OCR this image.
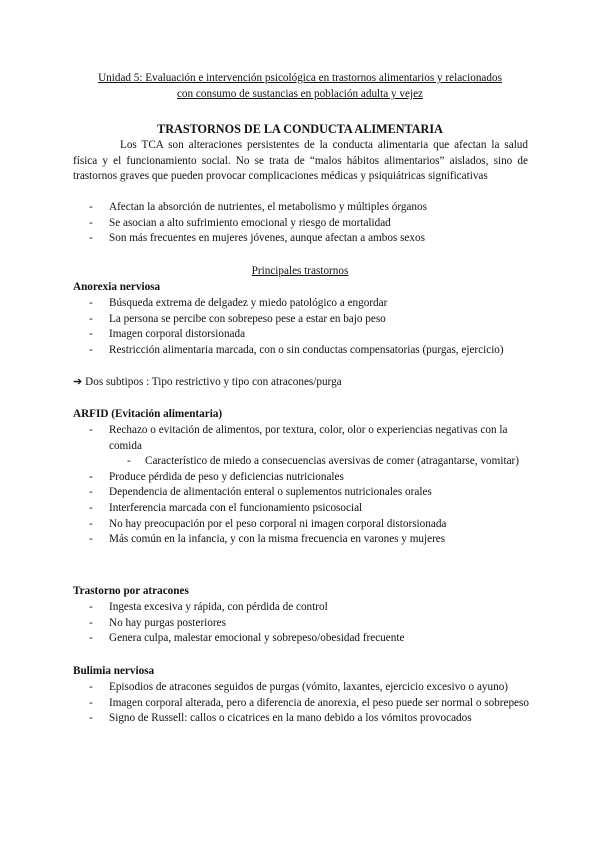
Unidad 5: Evaluación e intervención psicológica en trastornos alimentarios y relacionados
con consumo de sustancias en población adulta y vejez
TRASTORNOS DE LA CONDUCTA ALIMENTARIA
Los TCA son alteraciones persistentes de la conducta alimentaria que afectan la salud física y el funcionamiento social. No se trata de “malos hábitos alimentarios” aislados, sino de trastornos graves que pueden provocar complicaciones médicas y psiquiátricas significativas
- Afectan la absorción de nutrientes, el metabolismo y múltiples órganos
- Se asocian a alto sufrimiento emocional y riesgo de mortalidad
- Son más frecuentes en mujeres jóvenes, aunque afectan a ambos sexos
Principales trastornos
Anorexia nerviosa
- Búsqueda extrema de delgadez y miedo patológico a engordar
- La persona se percibe con sobrepeso pese a estar en bajo peso
- Imagen corporal distorsionada
- Restricción alimentaria marcada, con o sin conductas compensatorias (purgas, ejercicio)
➔ Dos subtipos : Tipo restrictivo y tipo con atracones/purga
ARFID (Evitación alimentaria)
- Rechazo o evitación de alimentos, por textura, color, olor o experiencias negativas con la comida
- Característico de miedo a consecuencias aversivas de comer (atragantarse, vomitar)
- Produce pérdida de peso y deficiencias nutricionales
- Dependencia de alimentación enteral o suplementos nutricionales orales
- Interferencia marcada con el funcionamiento psicosocial
- No hay preocupación por el peso corporal ni imagen corporal distorsionada
- Más común en la infancia, y con la misma frecuencia en varones y mujeres
Trastorno por atracones
- Ingesta excesiva y rápida, con pérdida de control
- No hay purgas posteriores
- Genera culpa, malestar emocional y sobrepeso/obesidad frecuente
Bulimia nerviosa
- Episodios de atracones seguidos de purgas (vómito, laxantes, ejercicio excesivo o ayuno)
- Imagen corporal alterada, pero a diferencia de anorexia, el peso puede ser normal o sobrepeso
- Signo de Russell: callos o cicatrices en la mano debido a los vómitos provocados
